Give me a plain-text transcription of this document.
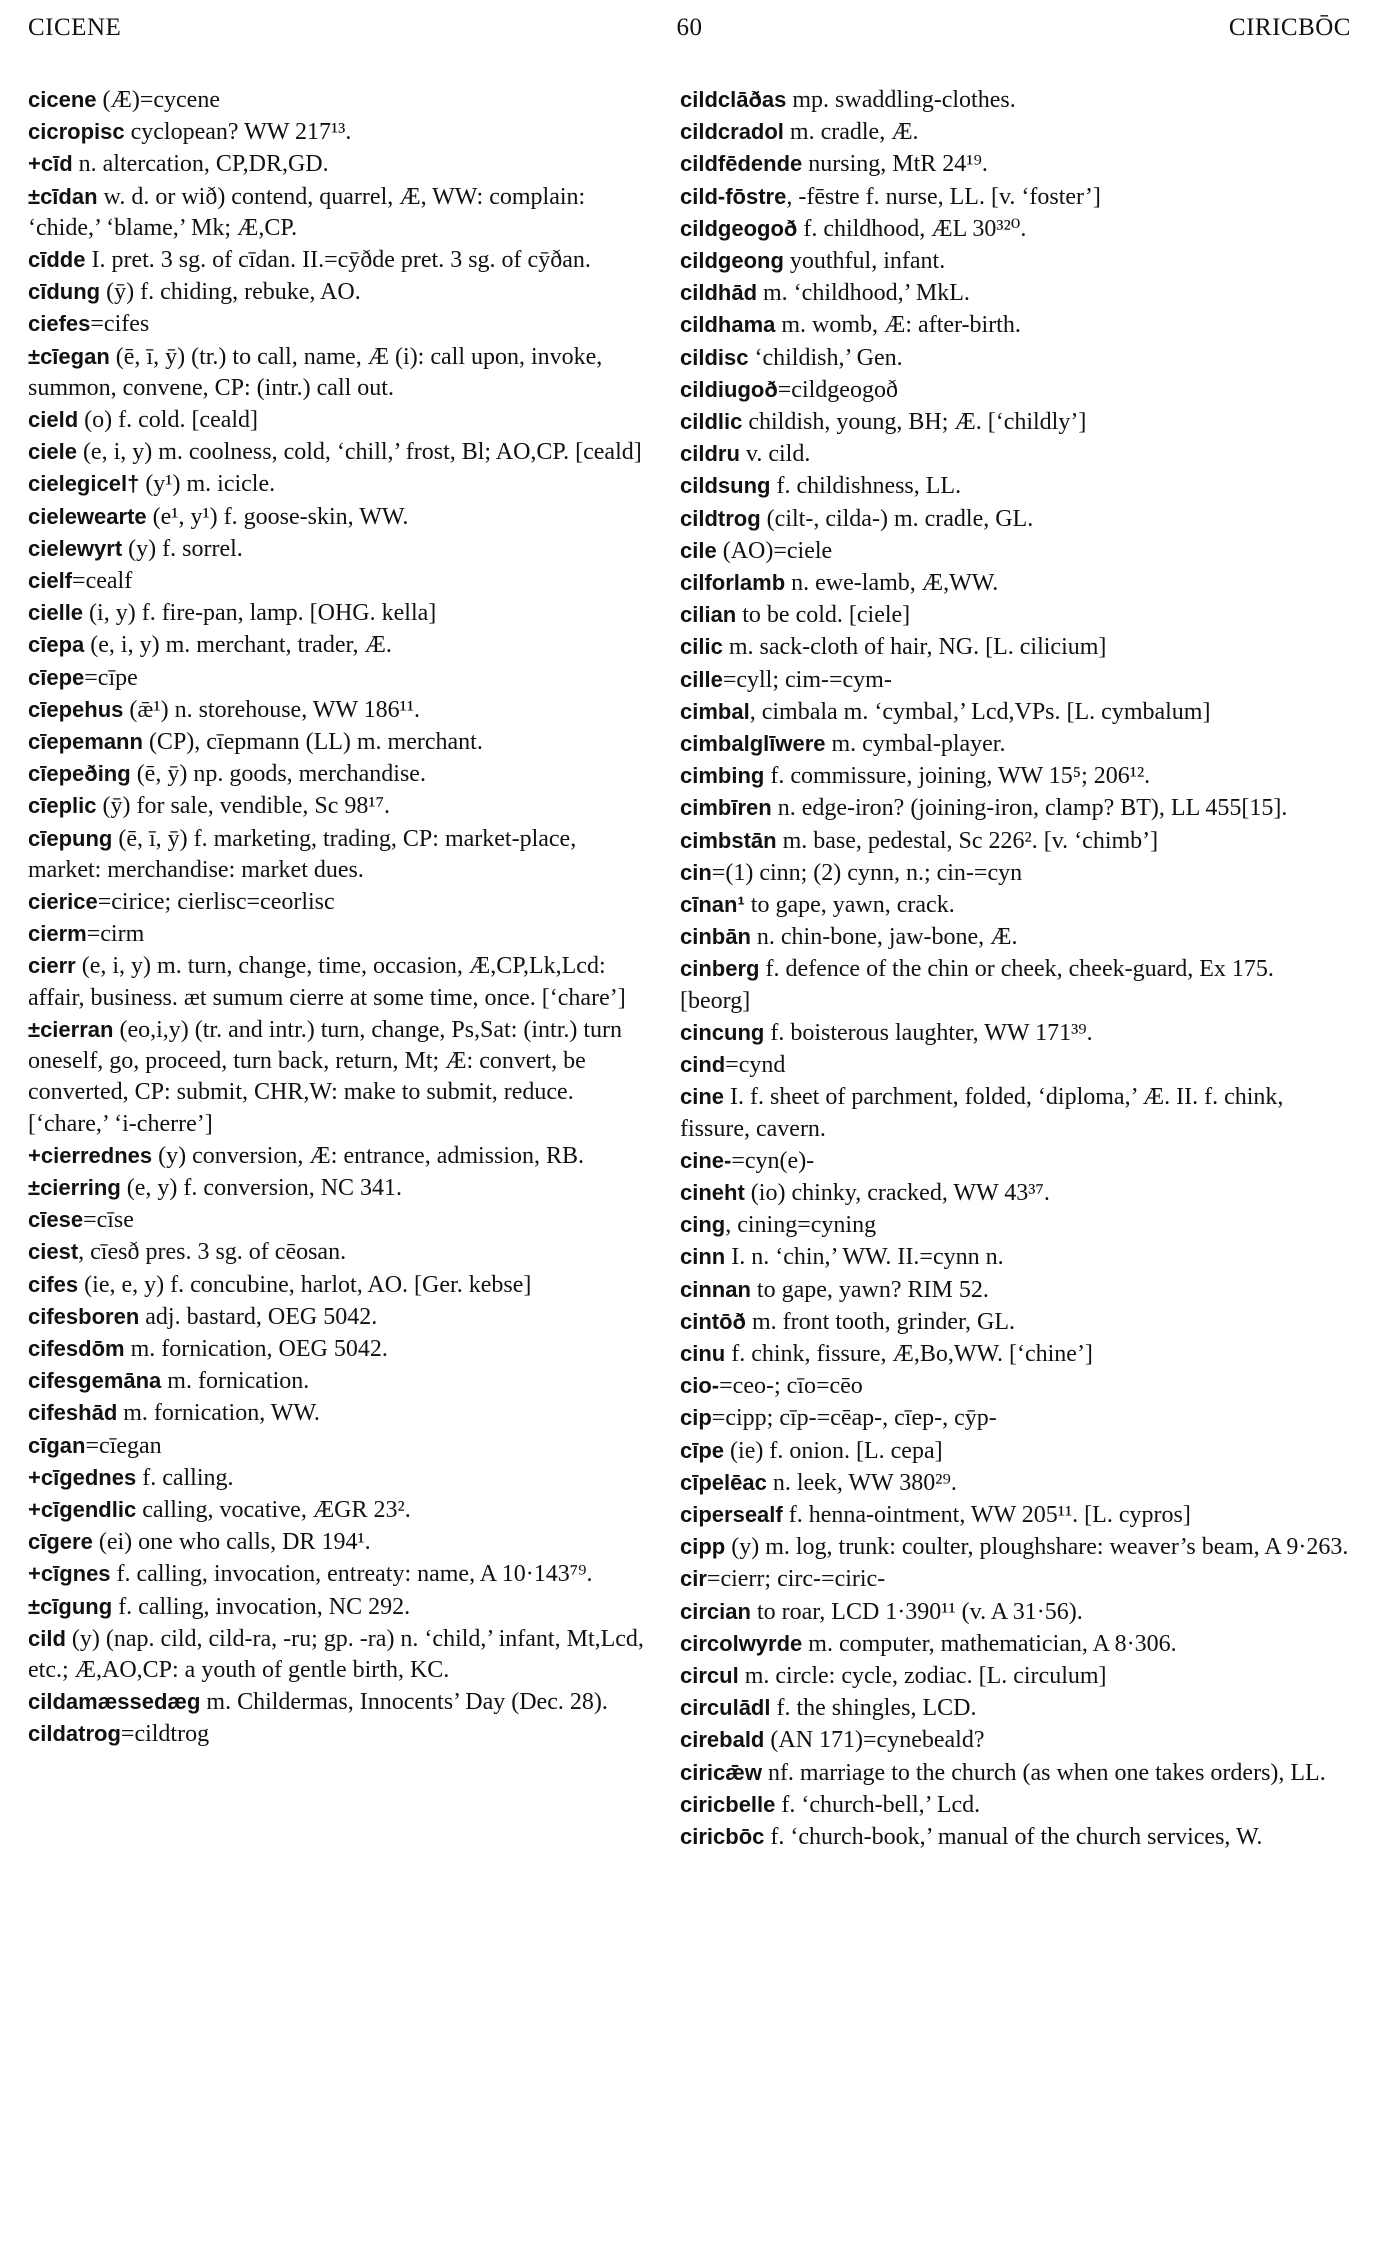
60
CICENE	CIRICBŌC
cicene (Æ)=cycene
cicropisc cyclopean? WW 217¹³.
+cīd n. altercation, CP,DR,GD.
±cīdan w. d. or wið) contend, quarrel, Æ, WW: complain: ‘chide,’ ‘blame,’ Mk; Æ,CP.
cīdde I. pret. 3 sg. of cīdan. II.=cȳðde pret. 3 sg. of cȳðan.
cīdung (ȳ) f. chiding, rebuke, AO.
ciefes=cifes
±cīegan (ē, ī, ȳ) (tr.) to call, name, Æ (i): call upon, invoke, summon, convene, CP: (intr.) call out.
cield (o) f. cold. [ceald]
ciele (e, i, y) m. coolness, cold, ‘chill,’ frost, Bl; AO,CP. [ceald]
cielegicel† (y¹) m. icicle.
cielewearte (e¹, y¹) f. goose-skin, WW.
cielewyrt (y) f. sorrel.
cielf=cealf
cielle (i, y) f. fire-pan, lamp. [OHG. kella]
cīepa (e, i, y) m. merchant, trader, Æ.
cīepe=cīpe
cīepehus (ǣ¹) n. storehouse, WW 186¹¹.
cīepemann (CP), cīepmann (LL) m. merchant.
cīepeðing (ē, ȳ) np. goods, merchandise.
cīeplic (ȳ) for sale, vendible, Sc 98¹⁷.
cīepung (ē, ī, ȳ) f. marketing, trading, CP: market-place, market: merchandise: market dues.
cierice=cirice; cierlisc=ceorlisc
cierm=cirm
cierr (e, i, y) m. turn, change, time, occasion, Æ,CP,Lk,Lcd: affair, business. æt sumum cierre at some time, once. [‘chare’]
±cierran (eo,i,y) (tr. and intr.) turn, change, Ps,Sat: (intr.) turn oneself, go, proceed, turn back, return, Mt; Æ: convert, be converted, CP: submit, CHR,W: make to submit, reduce. [‘chare,’ ‘i-cherre’]
+cierrednes (y) conversion, Æ: entrance, admission, RB.
±cierring (e, y) f. conversion, NC 341.
cīese=cīse
ciest, cīesð pres. 3 sg. of cēosan.
cifes (ie, e, y) f. concubine, harlot, AO. [Ger. kebse]
cifesboren adj. bastard, OEG 5042.
cifesdōm m. fornication, OEG 5042.
cifesgemāna m. fornication.
cifeshād m. fornication, WW.
cīgan=cīegan
+cīgednes f. calling.
+cīgendlic calling, vocative, ÆGR 23².
cīgere (ei) one who calls, DR 194¹.
+cīgnes f. calling, invocation, entreaty: name, A 10·143⁷⁹.
±cīgung f. calling, invocation, NC 292.
cild (y) (nap. cild, cild-ra, -ru; gp. -ra) n. ‘child,’ infant, Mt,Lcd, etc.; Æ,AO,CP: a youth of gentle birth, KC.
cildamæssedæg m. Childermas, Innocents’ Day (Dec. 28).
cildatrog=cildtrog
cildclāðas mp. swaddling-clothes.
cildcradol m. cradle, Æ.
cildfēdende nursing, MtR 24¹⁹.
cild-fōstre, -fēstre f. nurse, LL. [v. ‘foster’]
cildgeogoð f. childhood, ÆL 30³²⁰.
cildgeong youthful, infant.
cildhād m. ‘childhood,’ MkL.
cildhama m. womb, Æ: after-birth.
cildisc ‘childish,’ Gen.
cildiugoð=cildgeogoð
cildlic childish, young, BH; Æ. [‘childly’]
cildru v. cild.
cildsung f. childishness, LL.
cildtrog (cilt-, cilda-) m. cradle, GL.
cile (AO)=ciele
cilforlamb n. ewe-lamb, Æ,WW.
cilian to be cold. [ciele]
cilic m. sack-cloth of hair, NG. [L. cilicium]
cille=cyll; cim-=cym-
cimbal, cimbala m. ‘cymbal,’ Lcd,VPs. [L. cymbalum]
cimbalglīwere m. cymbal-player.
cimbing f. commissure, joining, WW 15⁵; 206¹².
cimbīren n. edge-iron? (joining-iron, clamp? BT), LL 455[15].
cimbstān m. base, pedestal, Sc 226². [v. ‘chimb’]
cin=(1) cinn; (2) cynn, n.; cin-=cyn
cīnan¹ to gape, yawn, crack.
cinbān n. chin-bone, jaw-bone, Æ.
cinberg f. defence of the chin or cheek, cheek-guard, Ex 175. [beorg]
cincung f. boisterous laughter, WW 171³⁹.
cind=cynd
cine I. f. sheet of parchment, folded, ‘diploma,’ Æ. II. f. chink, fissure, cavern.
cine-=cyn(e)-
cineht (io) chinky, cracked, WW 43³⁷.
cing, cining=cyning
cinn I. n. ‘chin,’ WW. II.=cynn n.
cinnan to gape, yawn? RIM 52.
cintōð m. front tooth, grinder, GL.
cinu f. chink, fissure, Æ,Bo,WW. [‘chine’]
cio-=ceo-; cīo=cēo
cip=cipp; cīp-=cēap-, cīep-, cȳp-
cīpe (ie) f. onion. [L. cepa]
cīpelēac n. leek, WW 380²⁹.
cipersealf f. henna-ointment, WW 205¹¹. [L. cypros]
cipp (y) m. log, trunk: coulter, ploughshare: weaver’s beam, A 9·263.
cir=cierr; circ-=ciric-
circian to roar, LCD 1·390¹¹ (v. A 31·56).
circolwyrde m. computer, mathematician, A 8·306.
circul m. circle: cycle, zodiac. [L. circulum]
circulādl f. the shingles, LCD.
cirebald (AN 171)=cynebeald?
ciricǣw nf. marriage to the church (as when one takes orders), LL.
ciricbelle f. ‘church-bell,’ Lcd.
ciricbōc f. ‘church-book,’ manual of the church services, W.
